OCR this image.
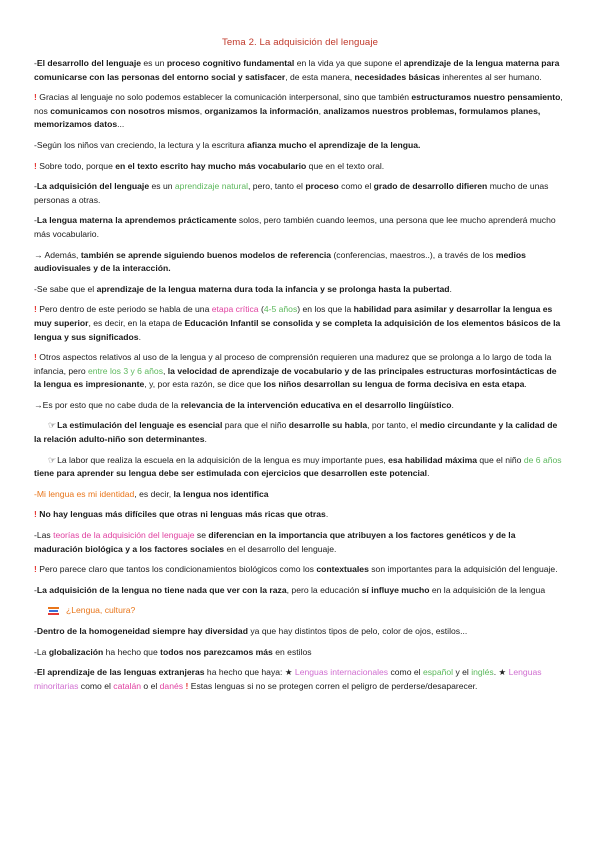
Tema 2. La adquisición del lenguaje

-El desarrollo del lenguaje es un proceso cognitivo fundamental en la vida ya que supone el aprendizaje de la lengua materna para comunicarse con las personas del entorno social y satisfacer, de esta manera, necesidades básicas inherentes al ser humano.

! Gracias al lenguaje no solo podemos establecer la comunicación interpersonal, sino que también estructuramos nuestro pensamiento, nos comunicamos con nosotros mismos, organizamos la información, analizamos nuestros problemas, formulamos planes, memorizamos datos...

-Según los niños van creciendo, la lectura y la escritura afianza mucho el aprendizaje de la lengua.

! Sobre todo, porque en el texto escrito hay mucho más vocabulario que en el texto oral.

-La adquisición del lenguaje es un aprendizaje natural, pero, tanto el proceso como el grado de desarrollo difieren mucho de unas personas a otras.

-La lengua materna la aprendemos prácticamente solos, pero también cuando leemos, una persona que lee mucho aprenderá mucho más vocabulario.

→ Además, también se aprende siguiendo buenos modelos de referencia (conferencias, maestros..), a través de los medios audiovisuales y de la interacción.

-Se sabe que el aprendizaje de la lengua materna dura toda la infancia y se prolonga hasta la pubertad.

! Pero dentro de este periodo se habla de una etapa crítica (4-5 años) en los que la habilidad para asimilar y desarrollar la lengua es muy superior, es decir, en la etapa de Educación Infantil se consolida y se completa la adquisición de los elementos básicos de la lengua y sus significados.

! Otros aspectos relativos al uso de la lengua y al proceso de comprensión requieren una madurez que se prolonga a lo largo de toda la infancia, pero entre los 3 y 6 años, la velocidad de aprendizaje de vocabulario y de las principales estructuras morfosintácticas de la lengua es impresionante, y, por esta razón, se dice que los niños desarrollan su lengua de forma decisiva en esta etapa.

→Es por esto que no cabe duda de la relevancia de la intervención educativa en el desarrollo lingüístico.

☞La estimulación del lenguaje es esencial para que el niño desarrolle su habla, por tanto, el medio circundante y la calidad de la relación adulto-niño son determinantes.

☞La labor que realiza la escuela en la adquisición de la lengua es muy importante pues, esa habilidad máxima que el niño de 6 años tiene para aprender su lengua debe ser estimulada con ejercicios que desarrollen este potencial.

-Mi lengua es mi identidad, es decir, la lengua nos identifica

! No hay lenguas más difíciles que otras ni lenguas más ricas que otras.

-Las teorías de la adquisición del lenguaje se diferencian en la importancia que atribuyen a los factores genéticos y de la maduración biológica y a los factores sociales en el desarrollo del lenguaje.

! Pero parece claro que tantos los condicionamientos biológicos como los contextuales son importantes para la adquisición del lenguaje.

-La adquisición de la lengua no tiene nada que ver con la raza, pero la educación sí influye mucho en la adquisición de la lengua

¿Lengua, cultura?

-Dentro de la homogeneidad siempre hay diversidad ya que hay distintos tipos de pelo, color de ojos, estilos...

-La globalización ha hecho que todos nos parezcamos más en estilos

-El aprendizaje de las lenguas extranjeras ha hecho que haya: ★ Lenguas internacionales como el español y el inglés. ★ Lenguas minoritarias como el catalán o el danés ! Estas lenguas si no se protegen corren el peligro de perderse/desaparecer.
